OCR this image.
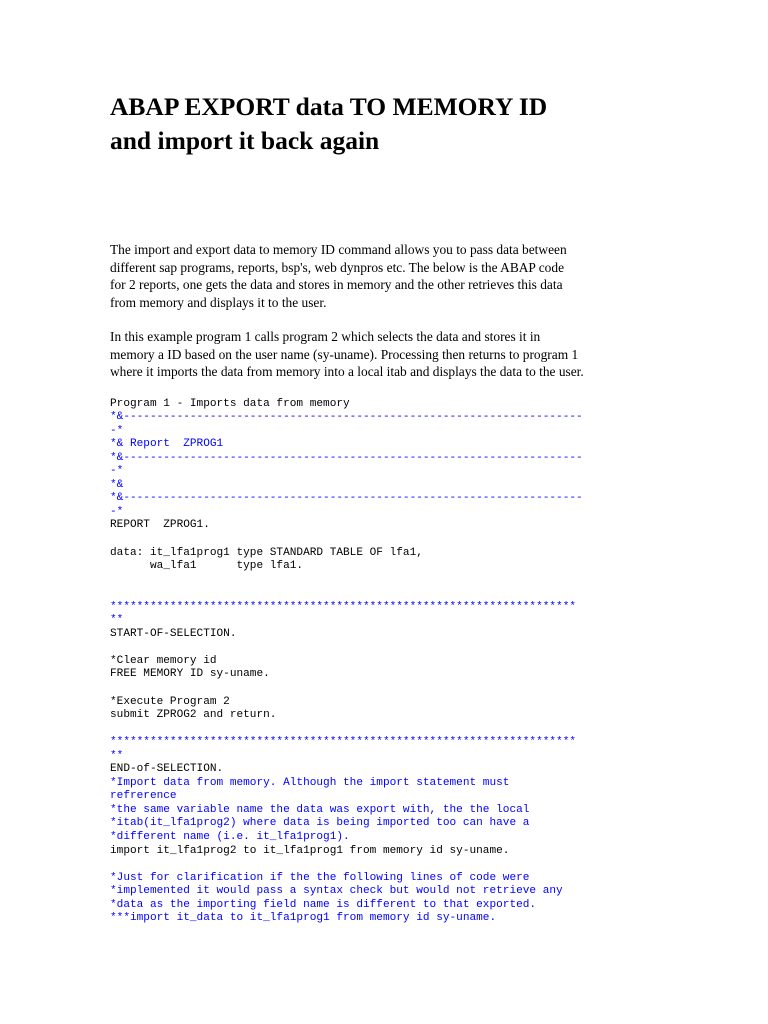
ABAP EXPORT data TO MEMORY ID
and import it back again

The import and export data to memory ID command allows you to pass data between
different sap programs, reports, bsp's, web dynpros etc. The below is the ABAP code
for 2 reports, one gets the data and stores in memory and the other retrieves this data
from memory and displays it to the user.

In this example program 1 calls program 2 which selects the data and stores it in
memory a ID based on the user name (sy-uname). Processing then returns to program 1
where it imports the data from memory into a local itab and displays the data to the user.

Program 1 - Imports data from memory
*&---------------------------------------------------------------------
-*
*& Report  ZPROG1
*&---------------------------------------------------------------------
-*
*&
*&---------------------------------------------------------------------
-*
REPORT  ZPROG1.
data: it_lfa1prog1 type STANDARD TABLE OF lfa1,
wa_lfa1      type lfa1.
**********************************************************************
**
START-OF-SELECTION.
*Clear memory id
FREE MEMORY ID sy-uname.
*Execute Program 2
submit ZPROG2 and return.
**********************************************************************
**
END-of-SELECTION.
*Import data from memory. Although the import statement must
refrerence
*the same variable name the data was export with, the the local
*itab(it_lfa1prog2) where data is being imported too can have a
*different name (i.e. it_lfa1prog1).
import it_lfa1prog2 to it_lfa1prog1 from memory id sy-uname.
*Just for clarification if the the following lines of code were
*implemented it would pass a syntax check but would not retrieve any
*data as the importing field name is different to that exported.
***import it_data to it_lfa1prog1 from memory id sy-uname.
